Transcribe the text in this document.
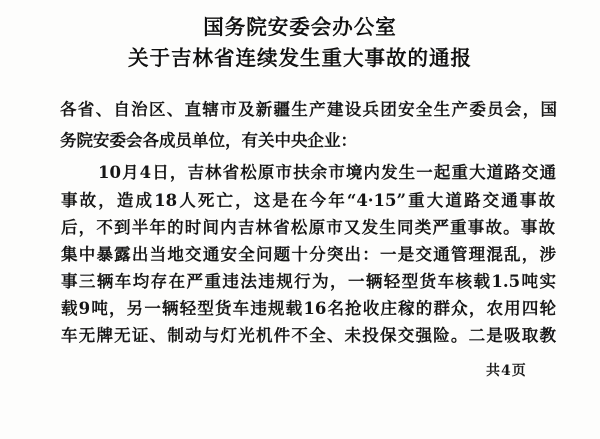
国务院安委会办公室
关于吉林省连续发生重大事故的通报
各省、自治区、直辖市及新疆生产建设兵团安全生产委员会，国
务院安委会各成员单位，有关中央企业：
10月4日，吉林省松原市扶余市境内发生一起重大道路交通
事故，造成18人死亡，这是在今年“4·15”重大道路交通事故
后，不到半年的时间内吉林省松原市又发生同类严重事故。事故
集中暴露出当地交通安全问题十分突出：一是交通管理混乱，涉
事三辆车均存在严重违法违规行为，一辆轻型货车核载1.5吨实
载9吨，另一辆轻型货车违规载16名抢收庄稼的群众，农用四轮
车无牌无证、制动与灯光机件不全、未投保交强险。二是吸取教
共4页
